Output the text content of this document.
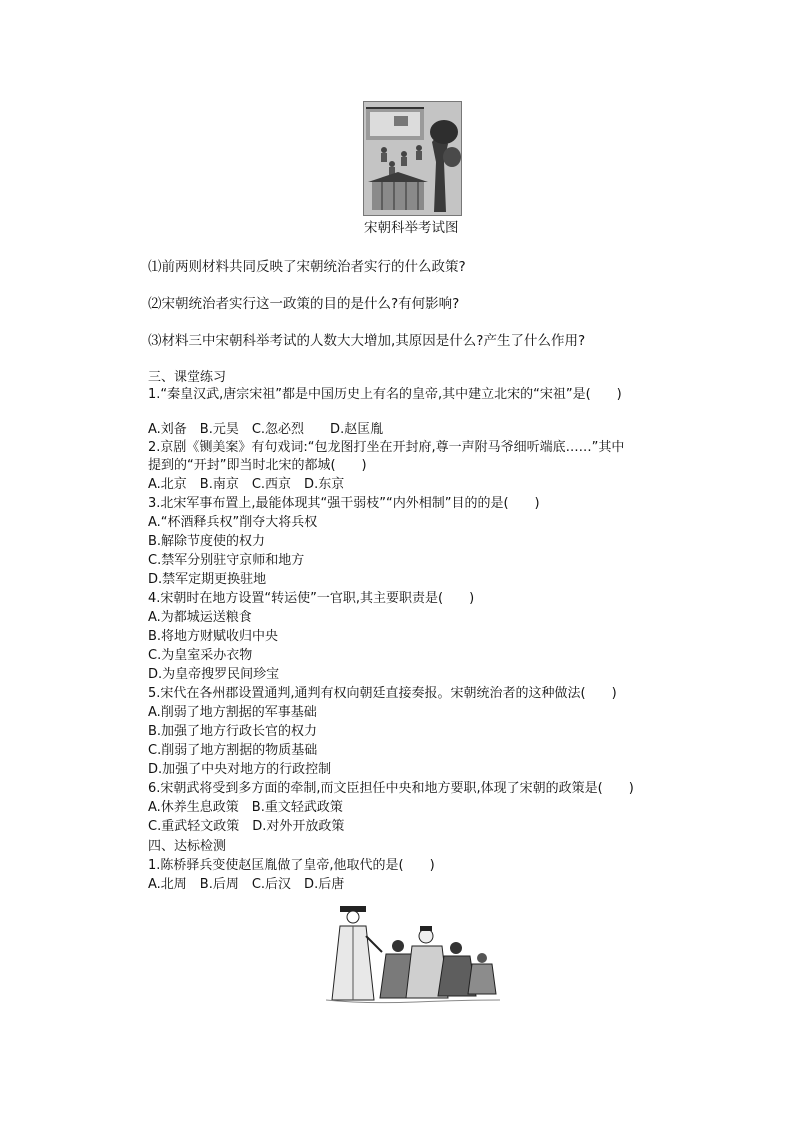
宋朝科举考试图
⑴前两则材料共同反映了宋朝统治者实行的什么政策?
⑵宋朝统治者实行这一政策的目的是什么?有何影响?
⑶材料三中宋朝科举考试的人数大大增加,其原因是什么?产生了什么作用?
三、课堂练习
1.“秦皇汉武,唐宗宋祖”都是中国历史上有名的皇帝,其中建立北宋的“宋祖”是(　　)
A.刘备　B.元昊　C.忽必烈　　D.赵匡胤
2.京剧《铡美案》有句戏词:“包龙图打坐在开封府,尊一声附马爷细听端底……”其中
提到的“开封”即当时北宋的都城(　　)
A.北京　B.南京　C.西京　D.东京
3.北宋军事布置上,最能体现其“强干弱枝”“内外相制”目的的是(　　)
A.“杯酒释兵权”削夺大将兵权
B.解除节度使的权力
C.禁军分别驻守京师和地方
D.禁军定期更换驻地
4.宋朝时在地方设置“转运使”一官职,其主要职责是(　　)
A.为都城运送粮食
B.将地方财赋收归中央
C.为皇室采办衣物
D.为皇帝搜罗民间珍宝
5.宋代在各州郡设置通判,通判有权向朝廷直接奏报。宋朝统治者的这种做法(　　)
A.削弱了地方割据的军事基础
B.加强了地方行政长官的权力
C.削弱了地方割据的物质基础
D.加强了中央对地方的行政控制
6.宋朝武将受到多方面的牵制,而文臣担任中央和地方要职,体现了宋朝的政策是(　　)
A.休养生息政策　B.重文轻武政策
C.重武轻文政策　D.对外开放政策
四、达标检测
1.陈桥驿兵变使赵匡胤做了皇帝,他取代的是(　　)
A.北周　B.后周　C.后汉　D.后唐
